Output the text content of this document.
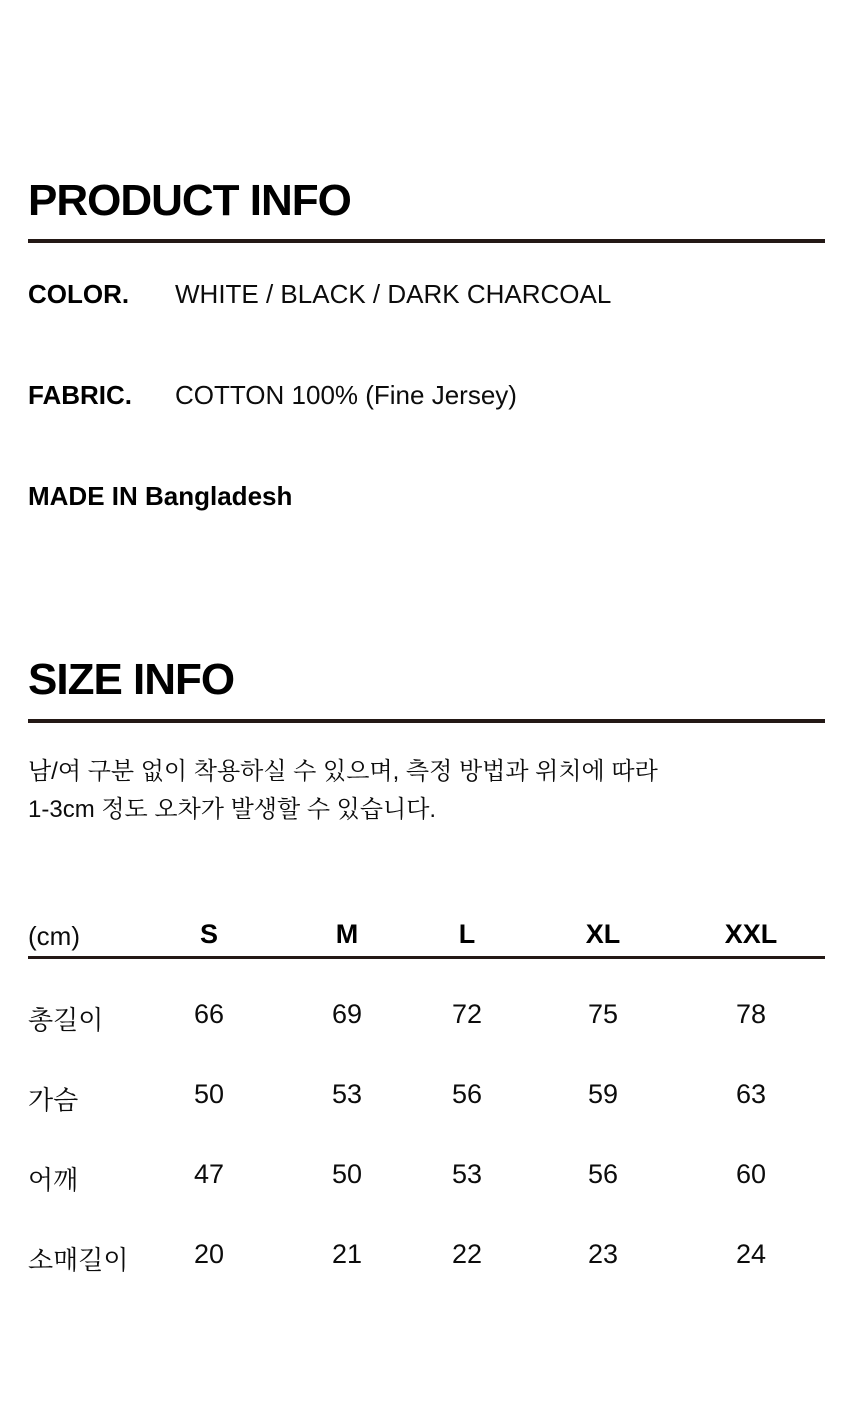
PRODUCT INFO
COLOR. WHITE / BLACK / DARK CHARCOAL
FABRIC. COTTON 100% (Fine Jersey)
MADE IN Bangladesh
SIZE INFO
남/여 구분 없이 착용하실 수 있으며, 측정 방법과 위치에 따라
1-3cm 정도 오차가 발생할 수 있습니다.
(cm)	S	M	L	XL	XXL
총길이	66	69	72	75	78
가슴	50	53	56	59	63
어깨	47	50	53	56	60
소매길이 20	21	22	23	24
